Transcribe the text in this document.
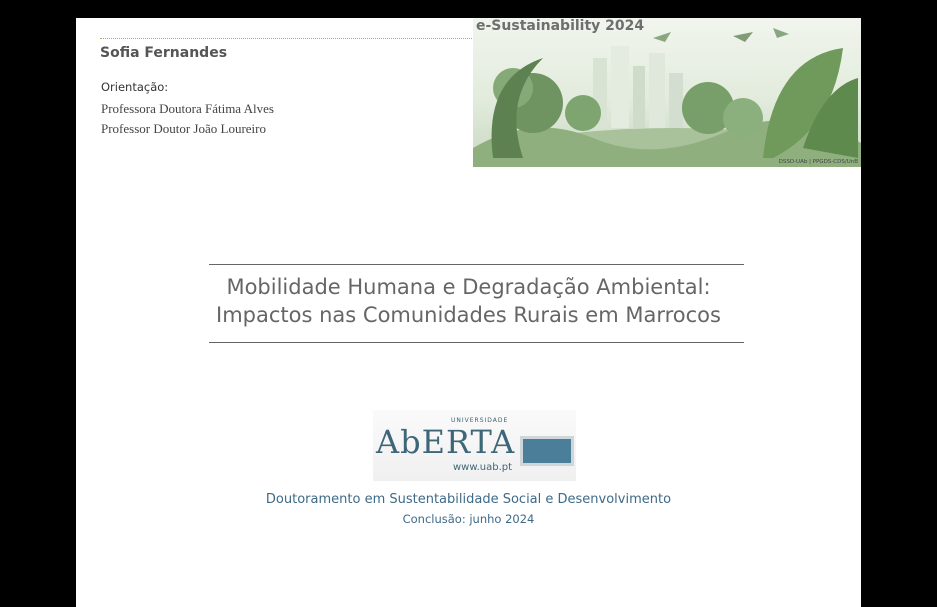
Sofia Fernandes
Orientação:
Professora Doutora Fátima Alves
Professor Doutor João Loureiro
DSSD-UAb | PPGDS-CDS/UnB
e-Sustainability 2024
Mobilidade Humana e Degradação Ambiental:
Impactos nas Comunidades Rurais em Marrocos
UNIVERSIDADE
AbERTA
www.uab.pt
Doutoramento em Sustentabilidade Social e Desenvolvimento
Conclusão: junho 2024
